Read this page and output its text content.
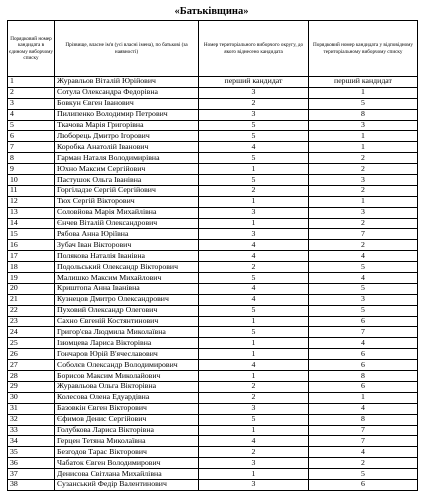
«Батьківщина»
Порядковий номер кандидата в єдиному виборчому списку	Прізвище, власне ім'я (усі власні імена), по батькові (за наявності)	Номер територіального виборчого округу, до якого віднесено кандидата	Порядковий номер кандидата у відповідному територіальному виборчому списку
1	Журавльов Віталій Юрійович	перший кандидат	перший кандидат
2	Сотула Олександра Федорівна	3	1
3	Бовкун Євген Іванович	2	5
4	Пилипенко Володимир Петрович	3	8
5	Ткачова Марія Григорівна	5	3
6	Люборець Дмитро Ігорович	5	1
7	Коробка Анатолій Іванович	4	1
8	Гарман Наталя Володимирівна	5	2
9	Юхно Максим Сергійович	1	2
10	Пастушок Ольга Іванівна	5	3
11	Горгіладзе Сергій Сергійович	2	2
12	Тюх Сергій Вікторович	1	1
13	Соловйова Марія Михайлівна	3	3
14	Єнчев Віталій Олександрович	1	2
15	Рябова Анна Юріївна	3	7
16	Зубач Іван Вікторович	4	2
17	Полякова Наталія Іванівна	4	4
18	Подольський Олександр Вікторович	2	5
19	Малишко Максим Михайлович	5	4
20	Криштопа Анна Іванівна	4	5
21	Кузнецов Дмитро Олександрович	4	3
22	Пуховий Олександр Олегович	5	5
23	Сахно Євгеній Костянтинович	1	6
24	Григор'єва Людмила Миколаївна	5	7
25	Ізюмцева Лариса Вікторівна	1	4
26	Гончаров Юрій В'ячеславович	1	6
27	Соболєв Олександр Володимирович	4	6
28	Борисов Максим Миколайович	1	8
29	Журавльова Ольга Вікторівна	2	6
30	Колесова Олена Едуардівна	2	1
31	Базовкін Євген Вікторович	3	4
32	Єфимов Денис Сергійович	5	8
33	Голубкова Лариса Вікторівна	1	7
34	Герцен Тетяна Миколаївна	4	7
35	Безгодов Тарас Вікторович	2	4
36	Чабаток Євген Володимирович	3	2
37	Денисова Світлана Михайлівна	1	5
38	Сузанський Федір Валентинович	3	6
